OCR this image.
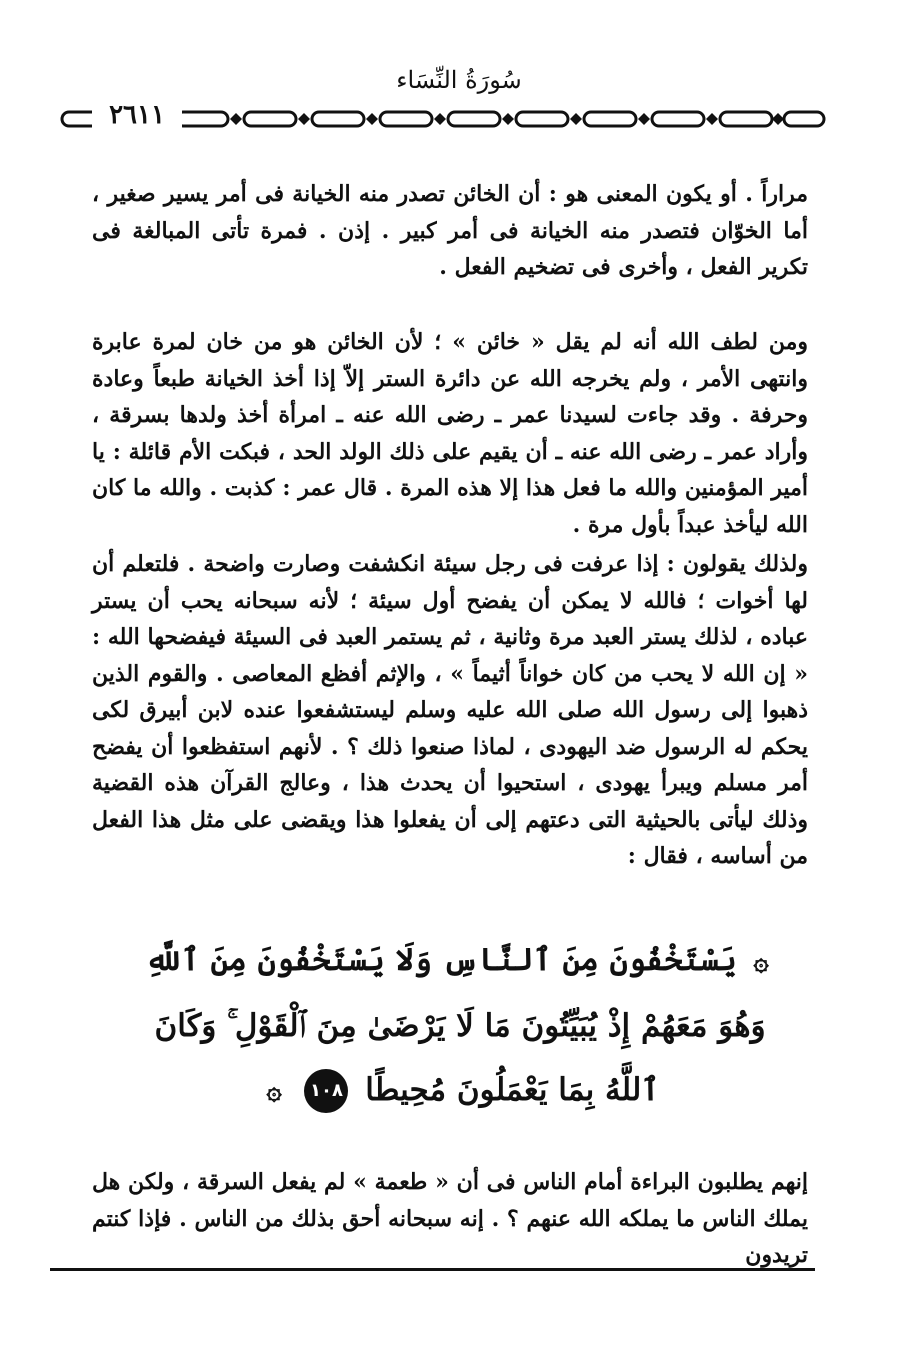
سُورَةُ النِّسَاء
٢٦١١

مراراً . أو يكون المعنى هو : أن الخائن تصدر منه الخيانة فى أمر يسير صغير ، أما الخوّان فتصدر منه الخيانة فى أمر كبير . إذن . فمرة تأتى المبالغة فى تكرير الفعل ، وأخرى فى تضخيم الفعل .

ومن لطف الله أنه لم يقل « خائن » ؛ لأن الخائن هو من خان لمرة عابرة وانتهى الأمر ، ولم يخرجه الله عن دائرة الستر إلاّ إذا أخذ الخيانة طبعاً وعادة وحرفة . وقد جاءت لسيدنا عمر ـ رضى الله عنه ـ امرأة أخذ ولدها بسرقة ، وأراد عمر ـ رضى الله عنه ـ أن يقيم على ذلك الولد الحد ، فبكت الأم قائلة : يا أمير المؤمنين والله ما فعل هذا إلا هذه المرة . قال عمر : كذبت . والله ما كان الله ليأخذ عبداً بأول مرة .

ولذلك يقولون : إذا عرفت فى رجل سيئة انكشفت وصارت واضحة . فلتعلم أن لها أخوات ؛ فالله لا يمكن أن يفضح أول سيئة ؛ لأنه سبحانه يحب أن يستر عباده ، لذلك يستر العبد مرة وثانية ، ثم يستمر العبد فى السيئة فيفضحها الله : « إن الله لا يحب من كان خواناً أثيماً » ، والإثم أفظع المعاصى . والقوم الذين ذهبوا إلى رسول الله صلى الله عليه وسلم ليستشفعوا عنده لابن أبيرق لكى يحكم له الرسول ضد اليهودى ، لماذا صنعوا ذلك ؟ . لأنهم استفظعوا أن يفضح أمر مسلم ويبرأ يهودى ، استحيوا أن يحدث هذا ، وعالج القرآن هذه القضية وذلك ليأتى بالحيثية التى دعتهم إلى أن يفعلوا هذا ويقضى على مثل هذا الفعل من أساسه ، فقال :

۞ يَسْتَخْفُونَ مِنَ ٱلنَّاسِ وَلَا يَسْتَخْفُونَ مِنَ ٱللَّهِ
وَهُوَ مَعَهُمْ إِذْ يُبَيِّتُونَ مَا لَا يَرْضَىٰ مِنَ ٱلْقَوْلِ ۚ وَكَانَ
ٱللَّهُ بِمَا يَعْمَلُونَ مُحِيطًا ١٠٨ ۞

إنهم يطلبون البراءة أمام الناس فى أن « طعمة » لم يفعل السرقة ، ولكن هل يملك الناس ما يملكه الله عنهم ؟ . إنه سبحانه أحق بذلك من الناس . فإذا كنتم تريدون
